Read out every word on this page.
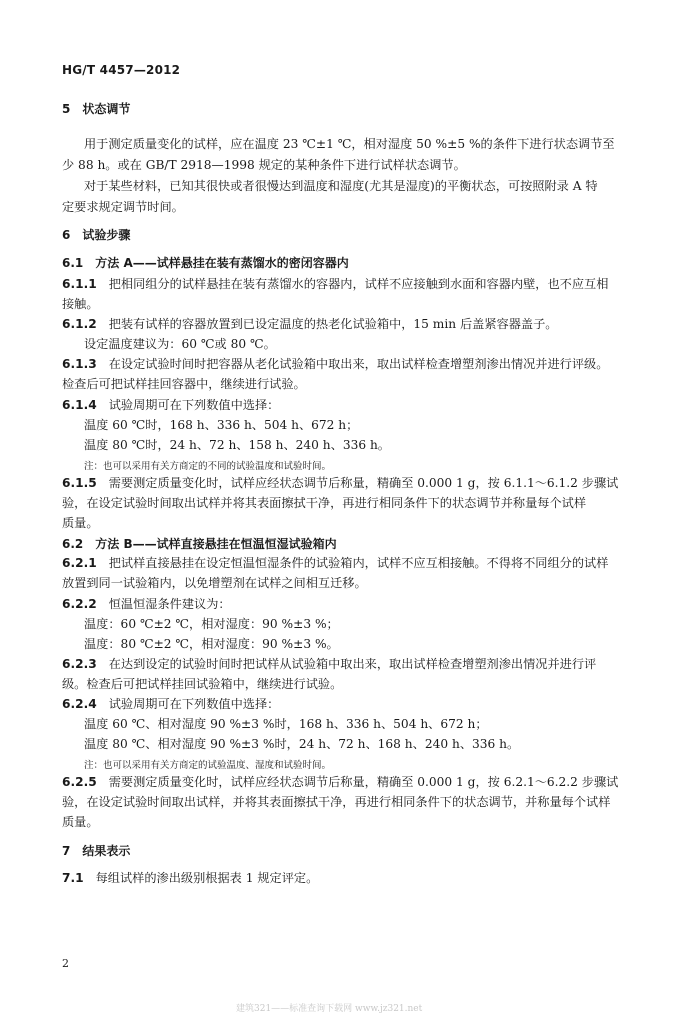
HG/T 4457—2012
5 状态调节
用于测定质量变化的试样，应在温度 23 ℃±1 ℃，相对湿度 50 %±5 %的条件下进行状态调节至
少 88 h。或在 GB/T 2918—1998 规定的某种条件下进行试样状态调节。
对于某些材料，已知其很快或者很慢达到温度和湿度(尤其是湿度)的平衡状态，可按照附录 A 特
定要求规定调节时间。
6 试验步骤
6.1 方法 A——试样悬挂在装有蒸馏水的密闭容器内
6.1.1 把相同组分的试样悬挂在装有蒸馏水的容器内，试样不应接触到水面和容器内壁，也不应互相
接触。
6.1.2 把装有试样的容器放置到已设定温度的热老化试验箱中，15 min 后盖紧容器盖子。
设定温度建议为：60 ℃或 80 ℃。
6.1.3 在设定试验时间时把容器从老化试验箱中取出来，取出试样检查增塑剂渗出情况并进行评级。
检查后可把试样挂回容器中，继续进行试验。
6.1.4 试验周期可在下列数值中选择：
温度 60 ℃时，168 h、336 h、504 h、672 h；
温度 80 ℃时，24 h、72 h、158 h、240 h、336 h。
注：也可以采用有关方商定的不同的试验温度和试验时间。
6.1.5 需要测定质量变化时，试样应经状态调节后称量，精确至 0.000 1 g，按 6.1.1～6.1.2 步骤试
验，在设定试验时间取出试样并将其表面擦拭干净，再进行相同条件下的状态调节并称量每个试样
质量。
6.2 方法 B——试样直接悬挂在恒温恒湿试验箱内
6.2.1 把试样直接悬挂在设定恒温恒湿条件的试验箱内，试样不应互相接触。不得将不同组分的试样
放置到同一试验箱内，以免增塑剂在试样之间相互迁移。
6.2.2 恒温恒湿条件建议为：
温度：60 ℃±2 ℃，相对湿度：90 %±3 %；
温度：80 ℃±2 ℃，相对湿度：90 %±3 %。
6.2.3 在达到设定的试验时间时把试样从试验箱中取出来，取出试样检查增塑剂渗出情况并进行评
级。检查后可把试样挂回试验箱中，继续进行试验。
6.2.4 试验周期可在下列数值中选择：
温度 60 ℃、相对湿度 90 %±3 %时，168 h、336 h、504 h、672 h；
温度 80 ℃、相对湿度 90 %±3 %时，24 h、72 h、168 h、240 h、336 h。
注：也可以采用有关方商定的试验温度、湿度和试验时间。
6.2.5 需要测定质量变化时，试样应经状态调节后称量，精确至 0.000 1 g，按 6.2.1～6.2.2 步骤试
验，在设定试验时间取出试样，并将其表面擦拭干净，再进行相同条件下的状态调节，并称量每个试样
质量。
7 结果表示
7.1 每组试样的渗出级别根据表 1 规定评定。
2
建筑321——标准查询下载网 www.jz321.net
